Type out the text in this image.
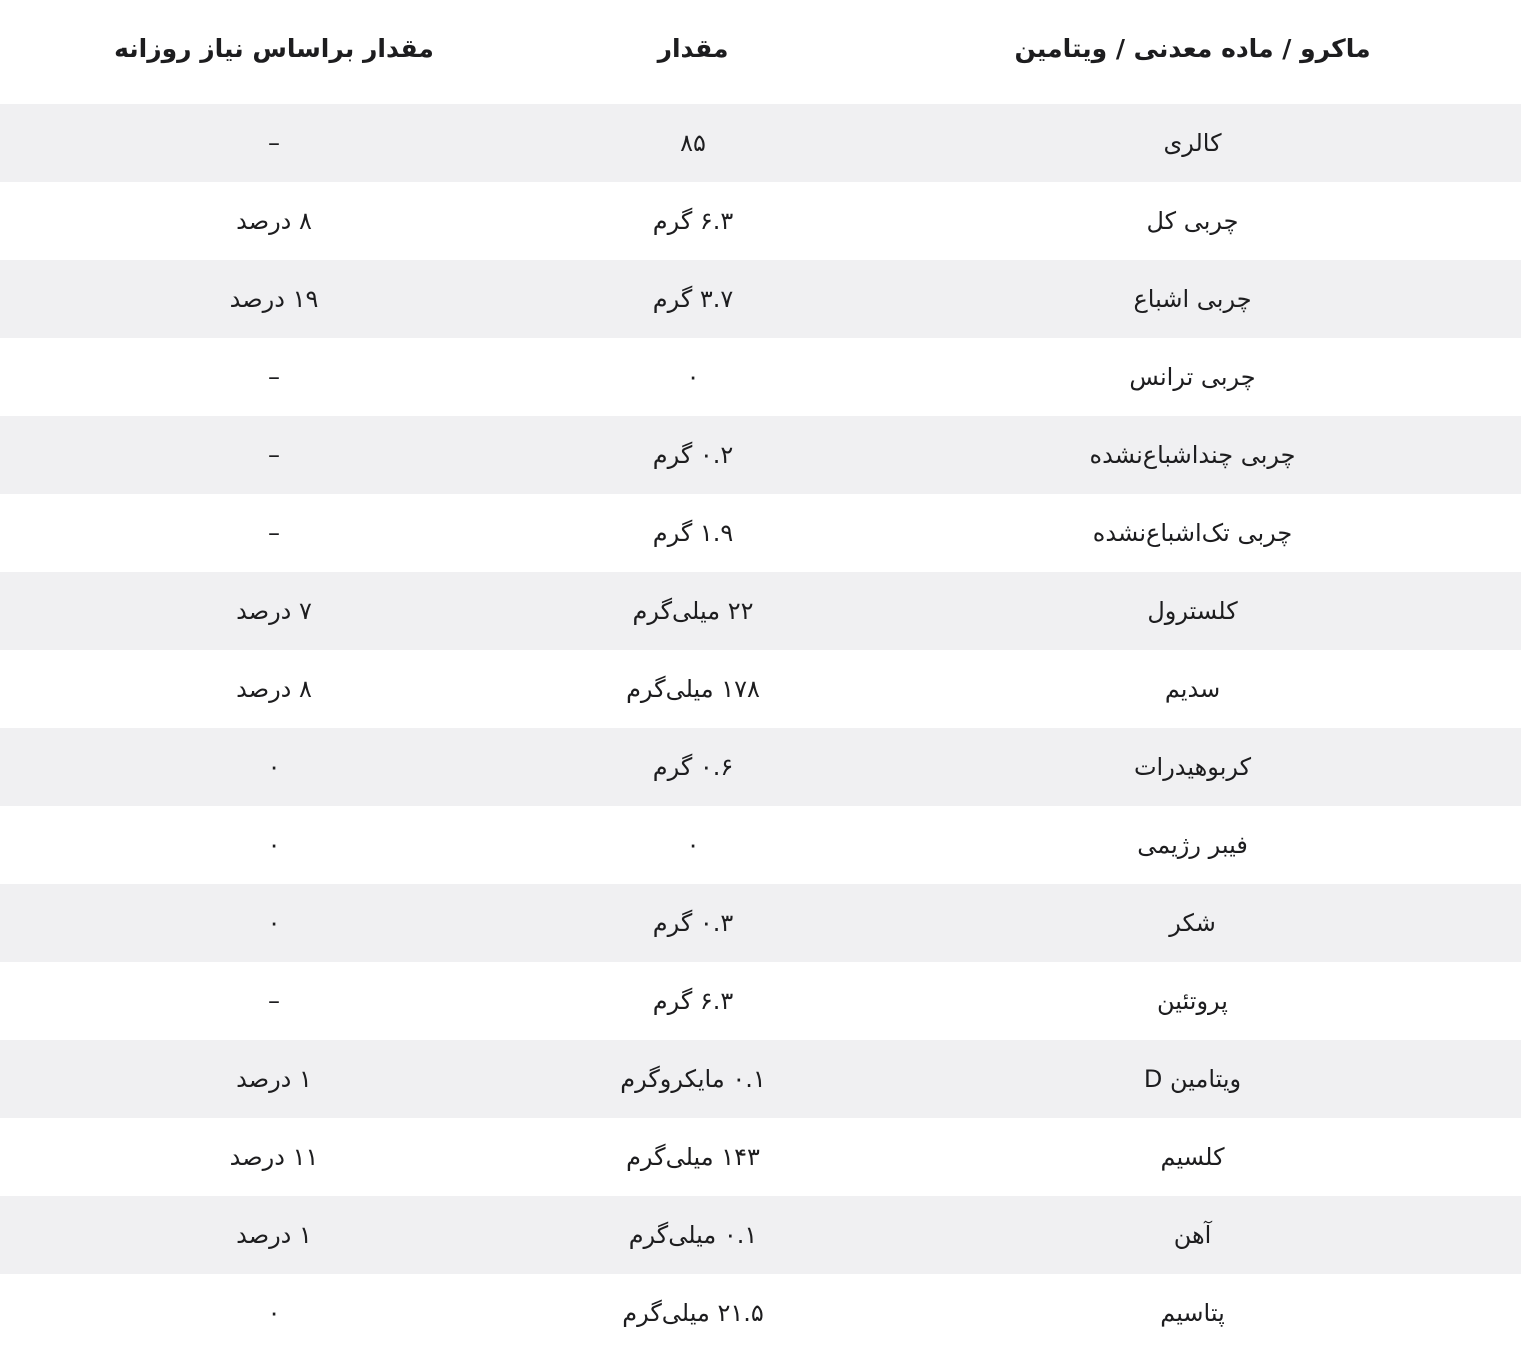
ماکرو / ماده معدنی / ویتامین
مقدار
مقدار براساس نیاز روزانه
کالری
۸۵
–
چربی کل
۶.۳ گرم
۸ درصد
چربی اشباع
۳.۷ گرم
۱۹ درصد
چربی ترانس
۰
–
چربی چنداشباع‌نشده
۰.۲ گرم
–
چربی تک‌اشباع‌نشده
۱.۹ گرم
–
کلسترول
۲۲ میلی‌گرم
۷ درصد
سدیم
۱۷۸ میلی‌گرم
۸ درصد
کربوهیدرات
۰.۶ گرم
۰
فیبر رژیمی
۰
۰
شکر
۰.۳ گرم
۰
پروتئین
۶.۳ گرم
–
ویتامین D
۰.۱ مایکروگرم
۱ درصد
کلسیم
۱۴۳ میلی‌گرم
۱۱ درصد
آهن
۰.۱ میلی‌گرم
۱ درصد
پتاسیم
۲۱.۵ میلی‌گرم
۰
